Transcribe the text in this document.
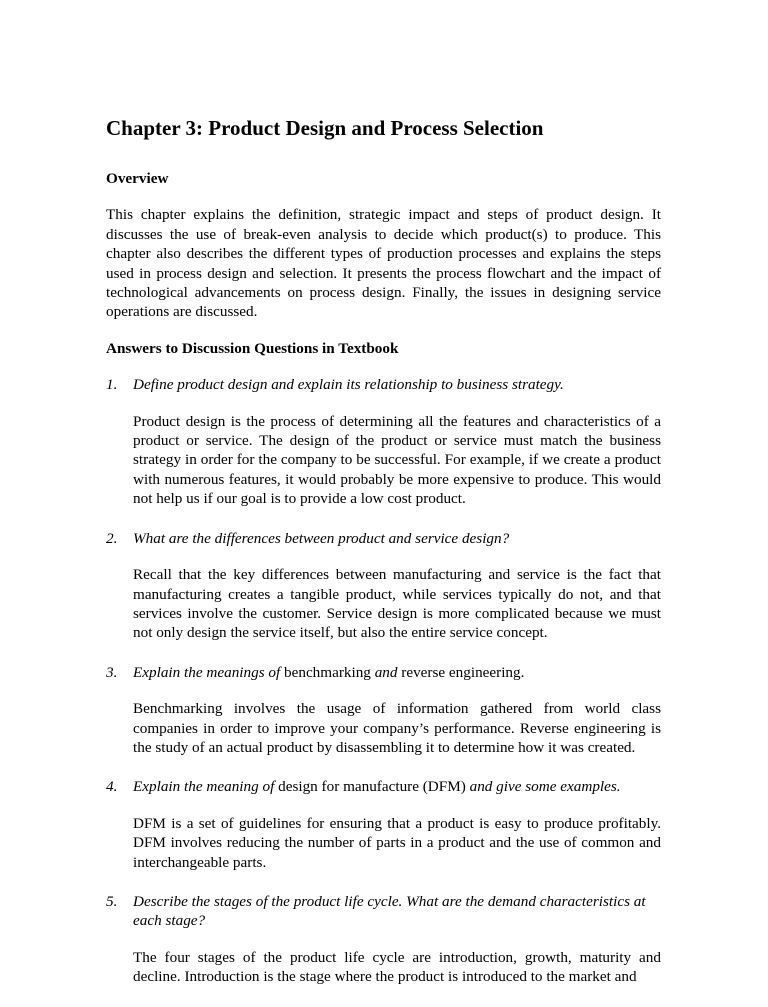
Chapter 3: Product Design and Process Selection
Overview
This chapter explains the definition, strategic impact and steps of product design. It discusses the use of break-even analysis to decide which product(s) to produce. This chapter also describes the different types of production processes and explains the steps used in process design and selection. It presents the process flowchart and the impact of technological advancements on process design. Finally, the issues in designing service operations are discussed.
Answers to Discussion Questions in Textbook
1.	Define product design and explain its relationship to business strategy.
Product design is the process of determining all the features and characteristics of a product or service. The design of the product or service must match the business strategy in order for the company to be successful. For example, if we create a product with numerous features, it would probably be more expensive to produce. This would not help us if our goal is to provide a low cost product.
2.	What are the differences between product and service design?
Recall that the key differences between manufacturing and service is the fact that manufacturing creates a tangible product, while services typically do not, and that services involve the customer. Service design is more complicated because we must not only design the service itself, but also the entire service concept.
3.	Explain the meanings of benchmarking and reverse engineering.
Benchmarking involves the usage of information gathered from world class companies in order to improve your company’s performance. Reverse engineering is the study of an actual product by disassembling it to determine how it was created.
4.	Explain the meaning of design for manufacture (DFM) and give some examples.
DFM is a set of guidelines for ensuring that a product is easy to produce profitably. DFM involves reducing the number of parts in a product and the use of common and interchangeable parts.
5.	Describe the stages of the product life cycle. What are the demand characteristics at each stage?
The four stages of the product life cycle are introduction, growth, maturity and decline. Introduction is the stage where the product is introduced to the market and
